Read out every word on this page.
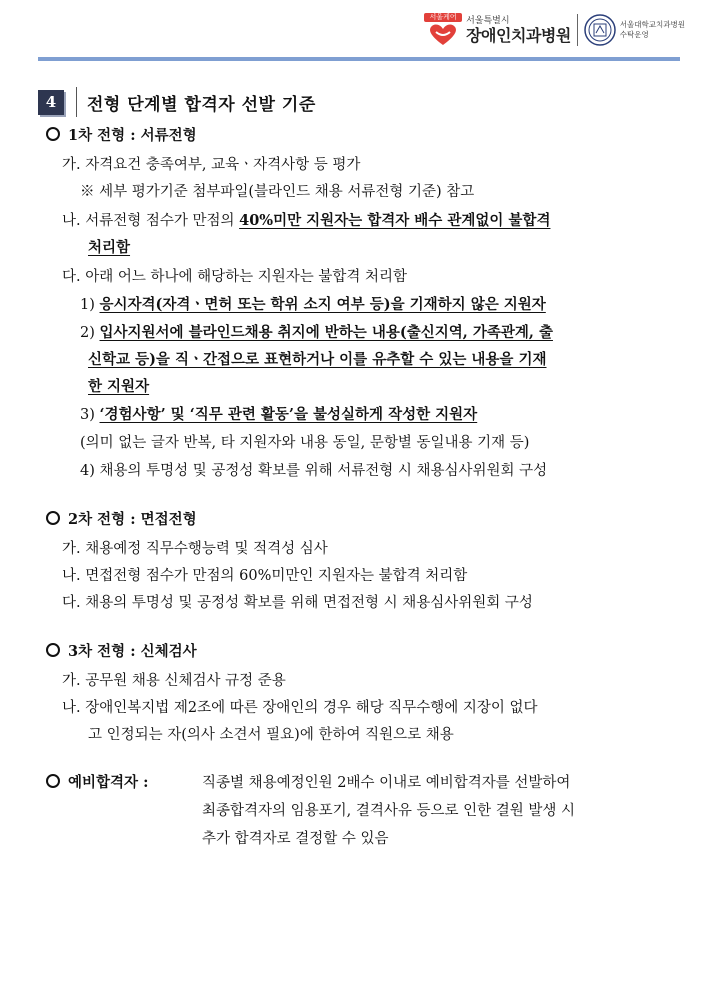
서울케어	서울특별시
장애인치과병원
서울대학교치과병원
수탁운영
4	전형 단계별 합격자 선발 기준
1차 전형 : 서류전형
가. 자격요건 충족여부, 교육ㆍ자격사항 등 평가
※ 세부 평가기준 첨부파일(블라인드 채용 서류전형 기준) 참고
나. 서류전형 점수가 만점의 40%미만 지원자는 합격자 배수 관계없이 불합격
처리함
다. 아래 어느 하나에 해당하는 지원자는 불합격 처리함
1) 응시자격(자격ㆍ면허 또는 학위 소지 여부 등)을 기재하지 않은 지원자
2) 입사지원서에 블라인드채용 취지에 반하는 내용(출신지역, 가족관계, 출
신학교 등)을 직ㆍ간접으로 표현하거나 이를 유추할 수 있는 내용을 기재
한 지원자
3) ‘경험사항’ 및 ‘직무 관련 활동’을 불성실하게 작성한 지원자
(의미 없는 글자 반복, 타 지원자와 내용 동일, 문항별 동일내용 기재 등)
4) 채용의 투명성 및 공정성 확보를 위해 서류전형 시 채용심사위원회 구성
2차 전형 : 면접전형
가. 채용예정 직무수행능력 및 적격성 심사
나. 면접전형 점수가 만점의 60%미만인 지원자는 불합격 처리함
다. 채용의 투명성 및 공정성 확보를 위해 면접전형 시 채용심사위원회 구성
3차 전형 : 신체검사
가. 공무원 채용 신체검사 규정 준용
나. 장애인복지법 제2조에 따른 장애인의 경우 해당 직무수행에 지장이 없다
고 인정되는 자(의사 소견서 필요)에 한하여 직원으로 채용
예비합격자 :	직종별 채용예정인원 2배수 이내로 예비합격자를 선발하여
최종합격자의 임용포기, 결격사유 등으로 인한 결원 발생 시
추가 합격자로 결정할 수 있음
